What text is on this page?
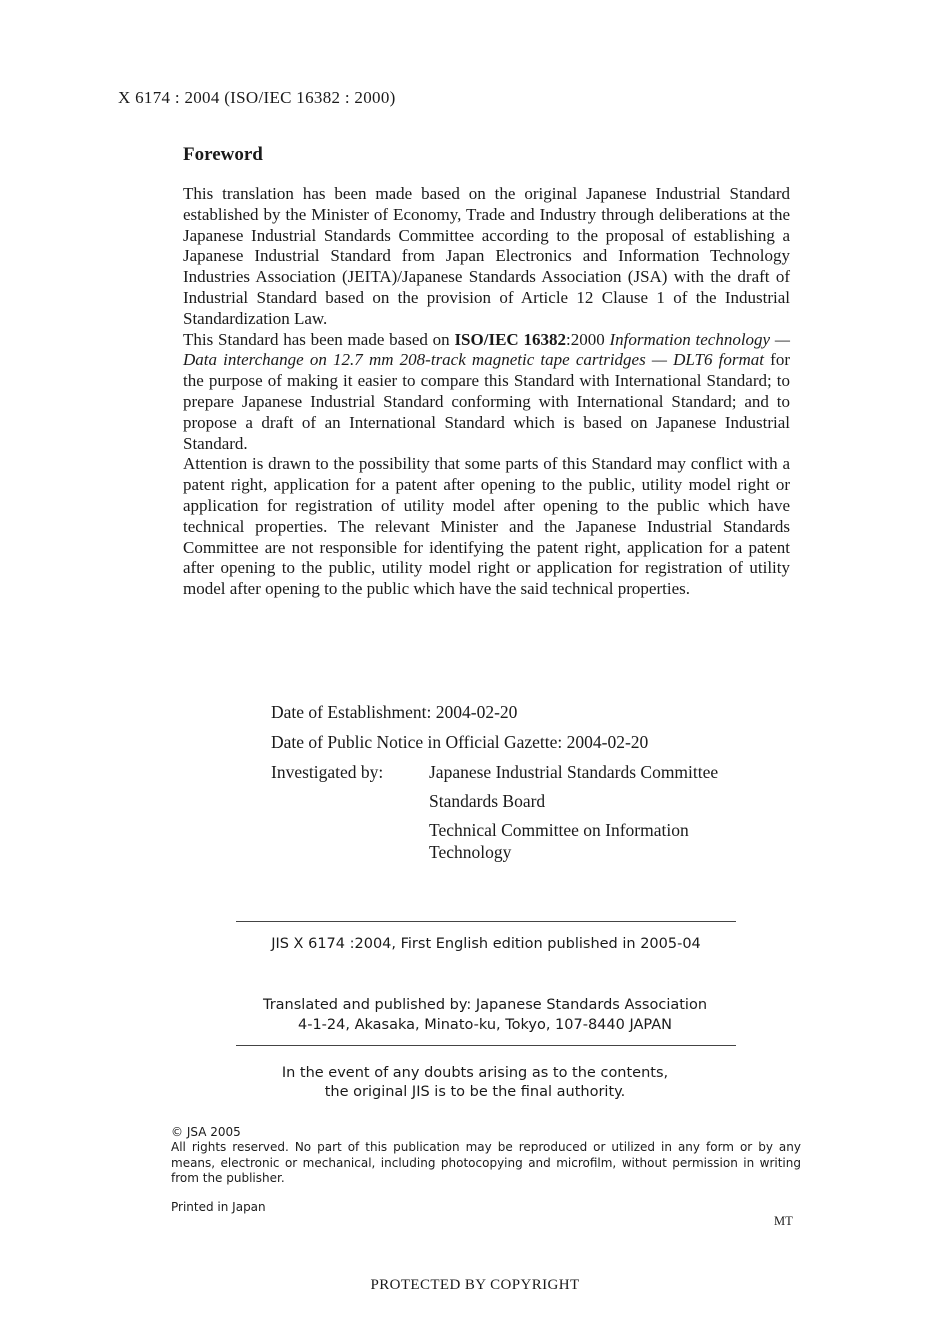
X 6174 : 2004 (ISO/IEC 16382 : 2000)
Foreword

This translation has been made based on the original Japanese Industrial Standard established by the Minister of Economy, Trade and Industry through deliberations at the Japanese Industrial Standards Committee according to the proposal of establishing a Japanese Industrial Standard from Japan Electronics and Information Technology Industries Association (JEITA)/Japanese Standards Association (JSA) with the draft of Industrial Standard based on the provision of Article 12 Clause 1 of the Industrial Standardization Law.

This Standard has been made based on ISO/IEC 16382:2000 Information technology — Data interchange on 12.7 mm 208-track magnetic tape cartridges — DLT6 format for the purpose of making it easier to compare this Standard with International Standard; to prepare Japanese Industrial Standard conforming with International Standard; and to propose a draft of an International Standard which is based on Japanese Industrial Standard.

Attention is drawn to the possibility that some parts of this Standard may conflict with a patent right, application for a patent after opening to the public, utility model right or application for registration of utility model after opening to the public which have technical properties. The relevant Minister and the Japanese Industrial Standards Committee are not responsible for identifying the patent right, application for a patent after opening to the public, utility model right or application for registration of utility model after opening to the public which have the said technical properties.

Date of Establishment: 2004-02-20
Date of Public Notice in Official Gazette: 2004-02-20
Investigated by:	Japanese Industrial Standards Committee
Standards Board
Technical Committee on Information Technology
JIS X 6174 :2004, First English edition published in 2005-04
Translated and published by: Japanese Standards Association
4-1-24, Akasaka, Minato-ku, Tokyo, 107-8440 JAPAN
In the event of any doubts arising as to the contents,
the original JIS is to be the final authority.
© JSA 2005
All rights reserved. No part of this publication may be reproduced or utilized in any form or by any means, electronic or mechanical, including photocopying and microfilm, without permission in writing from the publisher.
Printed in Japan
MT
PROTECTED BY COPYRIGHT
